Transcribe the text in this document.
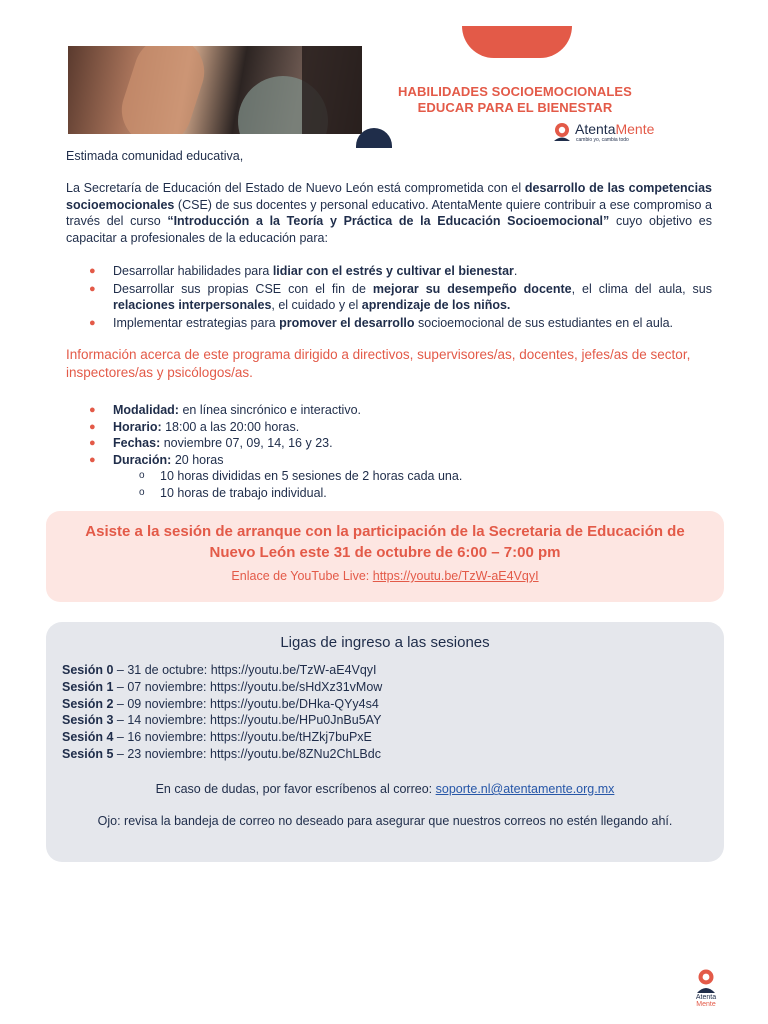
HABILIDADES SOCIOEMOCIONALES
EDUCAR PARA EL BIENESTAR
AtentaMente
cambio yo, cambia todo
Estimada comunidad educativa,
La Secretaría de Educación del Estado de Nuevo León está comprometida con el desarrollo de las competencias socioemocionales (CSE) de sus docentes y personal educativo. AtentaMente quiere contribuir a ese compromiso a través del curso “Introducción a la Teoría y Práctica de la Educación Socioemocional” cuyo objetivo es capacitar a profesionales de la educación para:
● Desarrollar habilidades para lidiar con el estrés y cultivar el bienestar.
● Desarrollar sus propias CSE con el fin de mejorar su desempeño docente, el clima del aula, sus relaciones interpersonales, el cuidado y el aprendizaje de los niños.
● Implementar estrategias para promover el desarrollo socioemocional de sus estudiantes en el aula.
Información acerca de este programa dirigido a directivos, supervisores/as, docentes, jefes/as de sector, inspectores/as y psicólogos/as.
● Modalidad: en línea sincrónico e interactivo.
● Horario: 18:00 a las 20:00 horas.
● Fechas: noviembre 07, 09, 14, 16 y 23.
● Duración: 20 horas
o 10 horas divididas en 5 sesiones de 2 horas cada una.
o 10 horas de trabajo individual.
Asiste a la sesión de arranque con la participación de la Secretaria de Educación de
Nuevo León este 31 de octubre de 6:00 – 7:00 pm
Enlace de YouTube Live: https://youtu.be/TzW-aE4VqyI
Ligas de ingreso a las sesiones
Sesión 0 – 31 de octubre: https://youtu.be/TzW-aE4VqyI
Sesión 1 – 07 noviembre: https://youtu.be/sHdXz31vMow
Sesión 2 – 09 noviembre: https://youtu.be/DHka-QYy4s4
Sesión 3 – 14 noviembre: https://youtu.be/HPu0JnBu5AY
Sesión 4 – 16 noviembre: https://youtu.be/tHZkj7buPxE
Sesión 5 – 23 noviembre: https://youtu.be/8ZNu2ChLBdc
En caso de dudas, por favor escríbenos al correo: soporte.nl@atentamente.org.mx
Ojo: revisa la bandeja de correo no deseado para asegurar que nuestros correos no estén llegando ahí.
Atenta
Mente
